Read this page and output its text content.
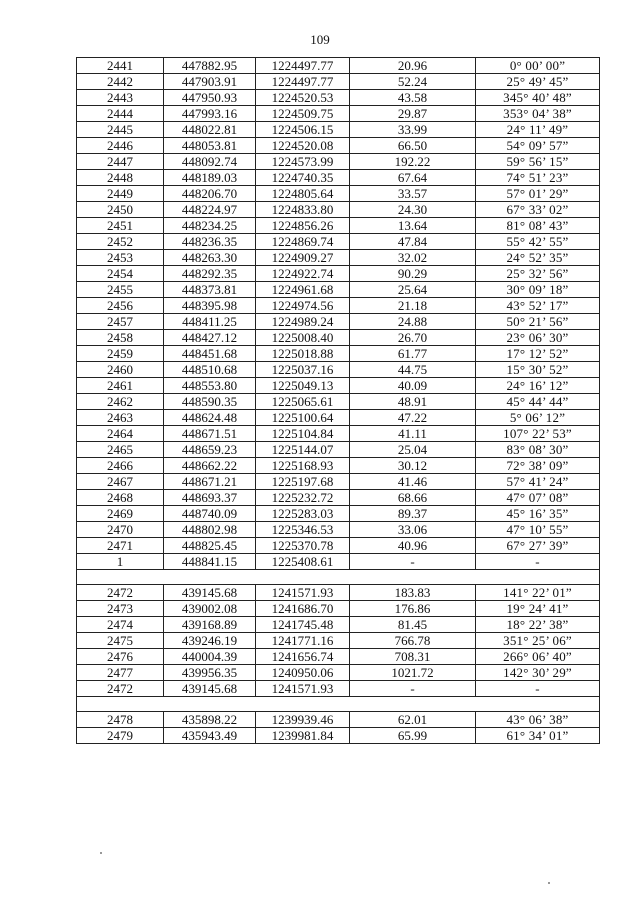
109
2441	447882.95	1224497.77	20.96	0° 00’ 00”
2442	447903.91	1224497.77	52.24	25° 49’ 45”
2443	447950.93	1224520.53	43.58	345° 40’ 48”
2444	447993.16	1224509.75	29.87	353° 04’ 38”
2445	448022.81	1224506.15	33.99	24° 11’ 49”
2446	448053.81	1224520.08	66.50	54° 09’ 57”
2447	448092.74	1224573.99	192.22	59° 56’ 15”
2448	448189.03	1224740.35	67.64	74° 51’ 23”
2449	448206.70	1224805.64	33.57	57° 01’ 29”
2450	448224.97	1224833.80	24.30	67° 33’ 02”
2451	448234.25	1224856.26	13.64	81° 08’ 43”
2452	448236.35	1224869.74	47.84	55° 42’ 55”
2453	448263.30	1224909.27	32.02	24° 52’ 35”
2454	448292.35	1224922.74	90.29	25° 32’ 56”
2455	448373.81	1224961.68	25.64	30° 09’ 18”
2456	448395.98	1224974.56	21.18	43° 52’ 17”
2457	448411.25	1224989.24	24.88	50° 21’ 56”
2458	448427.12	1225008.40	26.70	23° 06’ 30”
2459	448451.68	1225018.88	61.77	17° 12’ 52”
2460	448510.68	1225037.16	44.75	15° 30’ 52”
2461	448553.80	1225049.13	40.09	24° 16’ 12”
2462	448590.35	1225065.61	48.91	45° 44’ 44”
2463	448624.48	1225100.64	47.22	5° 06’ 12”
2464	448671.51	1225104.84	41.11	107° 22’ 53”
2465	448659.23	1225144.07	25.04	83° 08’ 30”
2466	448662.22	1225168.93	30.12	72° 38’ 09”
2467	448671.21	1225197.68	41.46	57° 41’ 24”
2468	448693.37	1225232.72	68.66	47° 07’ 08”
2469	448740.09	1225283.03	89.37	45° 16’ 35”
2470	448802.98	1225346.53	33.06	47° 10’ 55”
2471	448825.45	1225370.78	40.96	67° 27’ 39”
1	448841.15	1225408.61	-	-

2472	439145.68	1241571.93	183.83	141° 22’ 01”
2473	439002.08	1241686.70	176.86	19° 24’ 41”
2474	439168.89	1241745.48	81.45	18° 22’ 38”
2475	439246.19	1241771.16	766.78	351° 25’ 06”
2476	440004.39	1241656.74	708.31	266° 06’ 40”
2477	439956.35	1240950.06	1021.72	142° 30’ 29”
2472	439145.68	1241571.93	-	-

2478	435898.22	1239939.46	62.01	43° 06’ 38”
2479	435943.49	1239981.84	65.99	61° 34’ 01”
